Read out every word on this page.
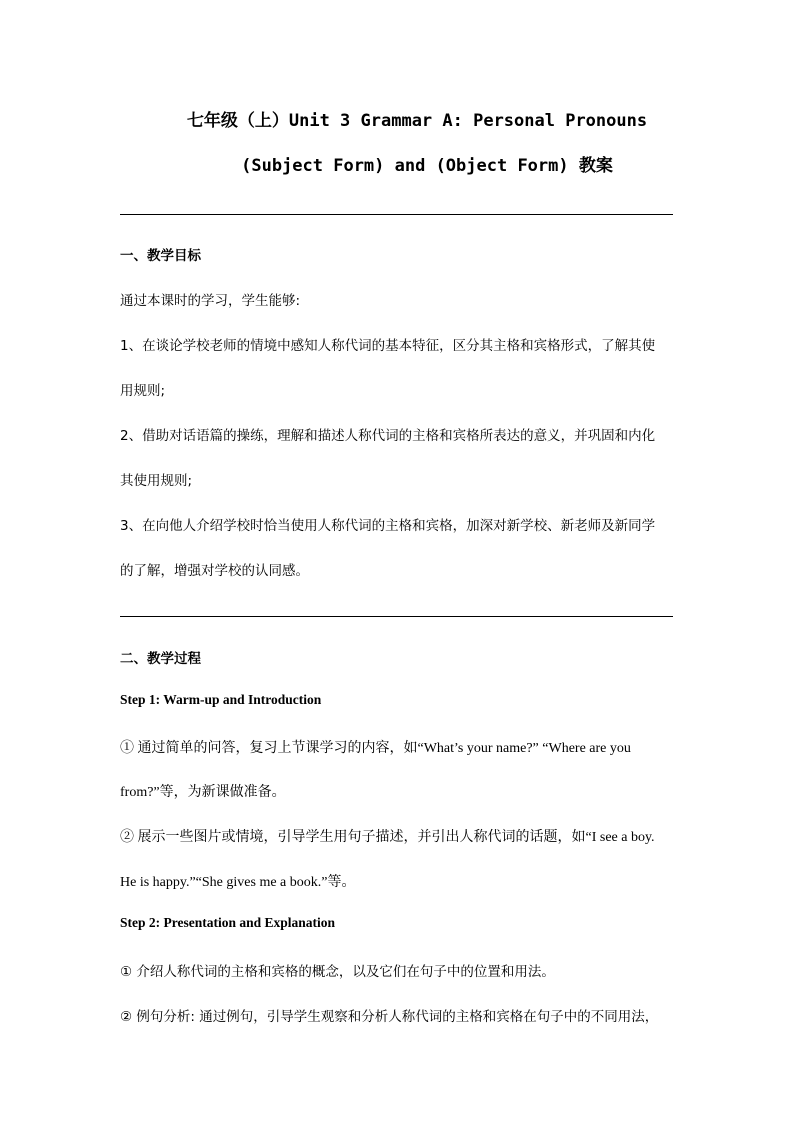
七年级（上）Unit 3 Grammar A: Personal Pronouns
(Subject Form) and (Object Form) 教案
一、教学目标
通过本课时的学习，学生能够:
1、在谈论学校老师的情境中感知人称代词的基本特征，区分其主格和宾格形式，了解其使
用规则;
2、借助对话语篇的操练，理解和描述人称代词的主格和宾格所表达的意义，并巩固和内化
其使用规则;
3、在向他人介绍学校时恰当使用人称代词的主格和宾格，加深对新学校、新老师及新同学
的了解，增强对学校的认同感。
二、教学过程
Step 1: Warm-up and Introduction
① 通过简单的问答，复习上节课学习的内容，如“What’s your name?” “Where are you
from?”等，为新课做准备。
② 展示一些图片或情境，引导学生用句子描述，并引出人称代词的话题，如“I see a boy.
He is happy.”“She gives me a book.”等。
Step 2: Presentation and Explanation
① 介绍人称代词的主格和宾格的概念，以及它们在句子中的位置和用法。
② 例句分析: 通过例句，引导学生观察和分析人称代词的主格和宾格在句子中的不同用法，
